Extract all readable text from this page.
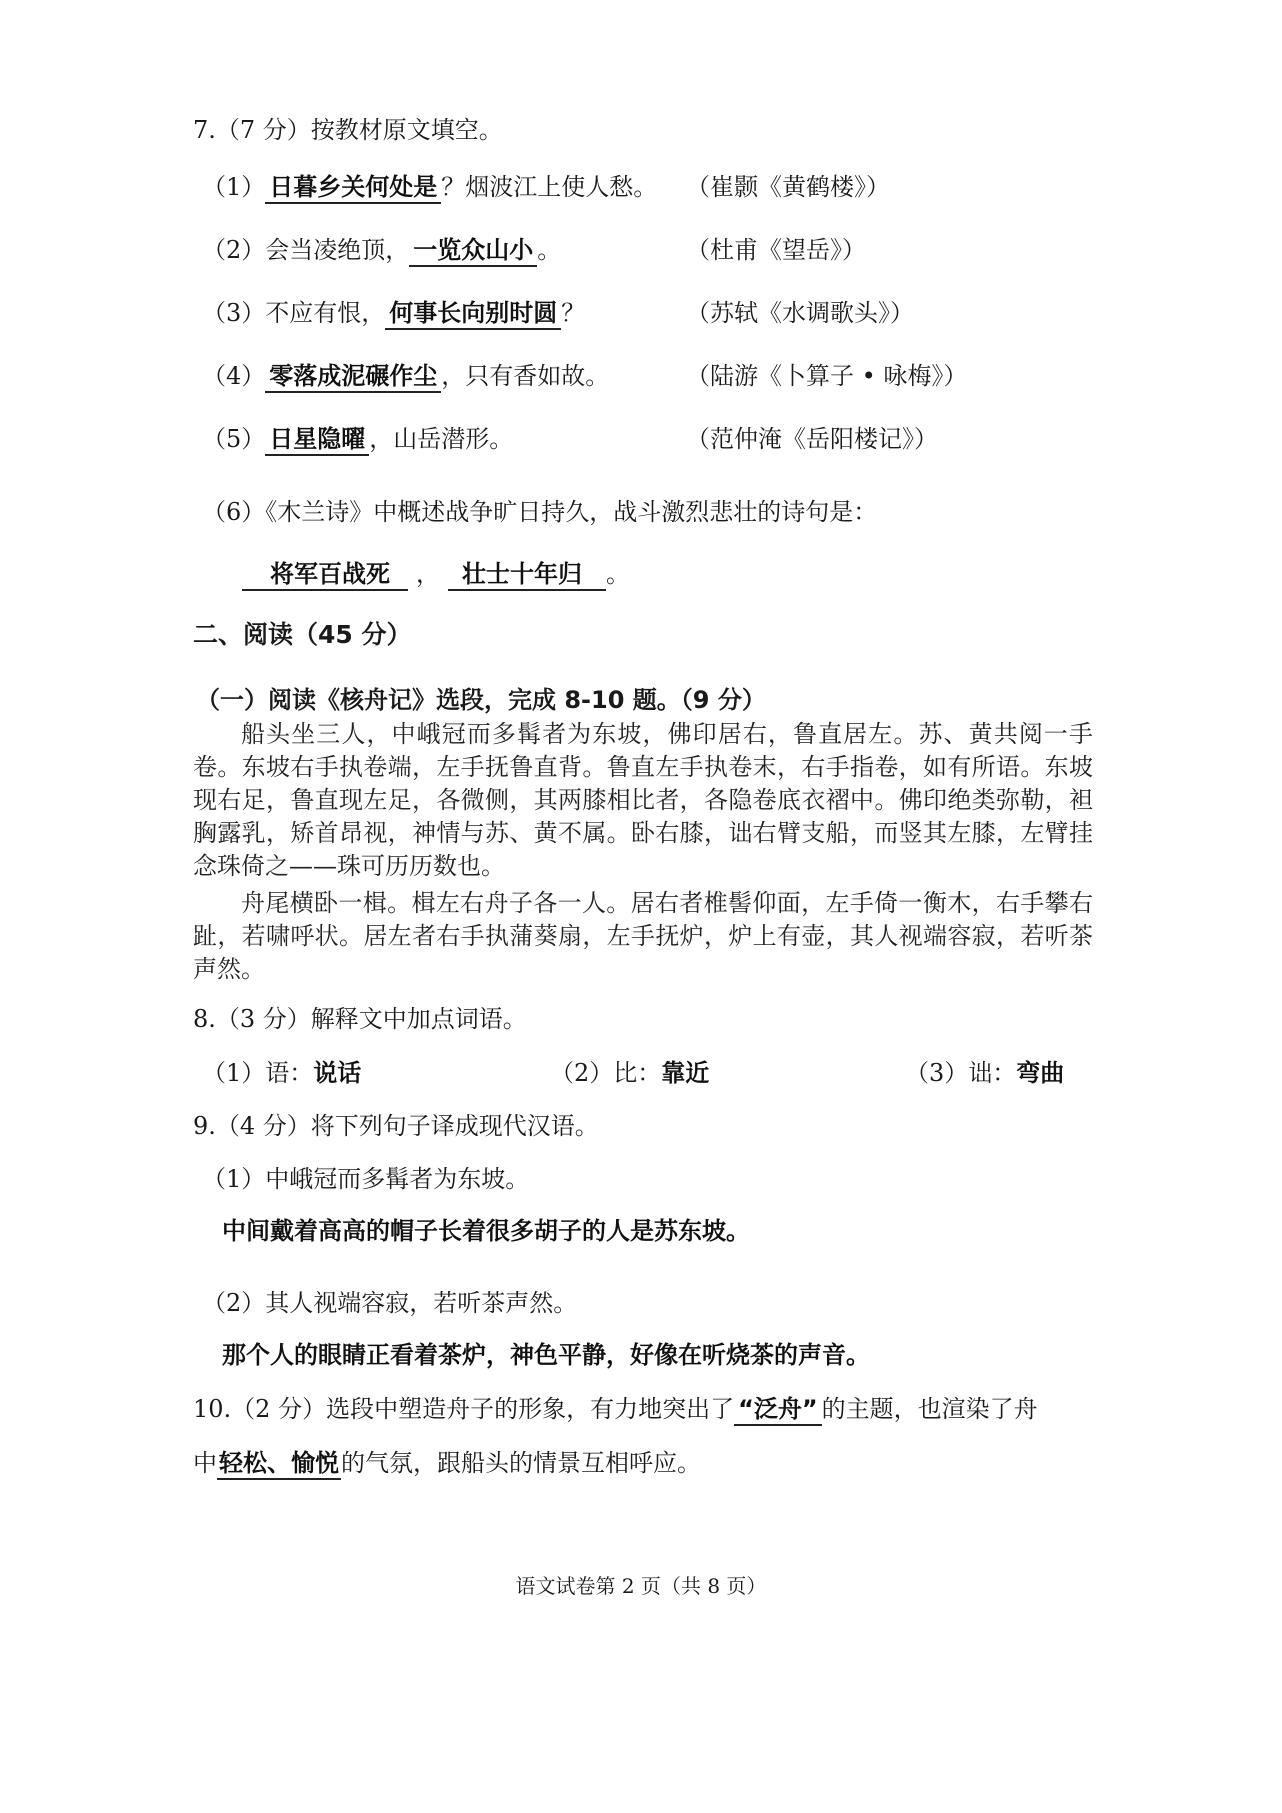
7.（7 分）按教材原文填空。
（1） 日暮乡关何处是 ？烟波江上使人愁。 （崔颢《黄鹤楼》）
（2）会当凌绝顶， 一览众山小 。	（杜甫《望岳》）
（3）不应有恨， 何事长向别时圆 ？	（苏轼《水调歌头》）
（4） 零落成泥碾作尘 ，只有香如故。	（陆游《卜算子 • 咏梅》）
（5） 日星隐曜 ，山岳潜形。	（范仲淹《岳阳楼记》）
（6）《木兰诗》中概述战争旷日持久，战斗激烈悲壮的诗句是：
将军百战死 ， 壮士十年归 。
二、阅读（45 分）
（一）阅读《核舟记》选段，完成 8-10 题。（9 分）
船头坐三人，中峨冠而多髯者为东坡，佛印居右，鲁直居左。苏、黄共阅一手卷。东坡右手执卷端，左手抚鲁直背。鲁直左手执卷末，右手指卷，如有所语。东坡现右足，鲁直现左足，各微侧，其两膝相比者，各隐卷底衣褶中。佛印绝类弥勒，袒胸露乳，矫首昂视，神情与苏、黄不属。卧右膝，诎右臂支船，而竖其左膝，左臂挂念珠倚之——珠可历历数也。
舟尾横卧一楫。楫左右舟子各一人。居右者椎髻仰面，左手倚一衡木，右手攀右趾，若啸呼状。居左者右手执蒲葵扇，左手抚炉，炉上有壶，其人视端容寂，若听茶声然。
8.（3 分）解释文中加点词语。
（1）语：说话	（2）比：靠近	（3）诎：弯曲
9.（4 分）将下列句子译成现代汉语。
（1）中峨冠而多髯者为东坡。
中间戴着高高的帽子长着很多胡子的人是苏东坡。
（2）其人视端容寂，若听茶声然。
那个人的眼睛正看着茶炉，神色平静，好像在听烧茶的声音。
10.（2 分）选段中塑造舟子的形象，有力地突出了 “泛舟” 的主题，也渲染了舟
中轻松、愉悦的气氛，跟船头的情景互相呼应。
语文试卷第 2 页（共 8 页）
